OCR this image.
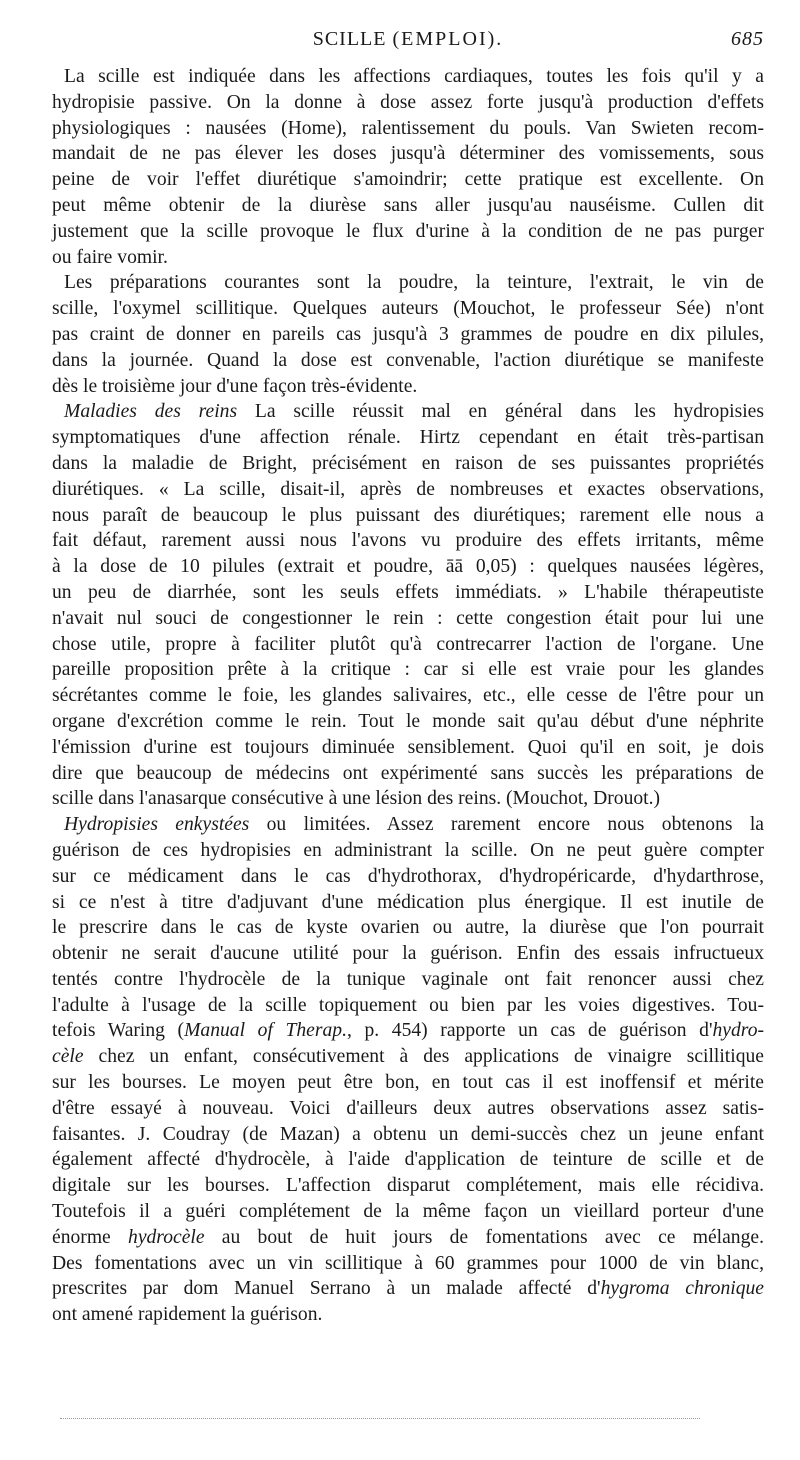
SCILLE (EMPLOI).	685
La scille est indiquée dans les affections cardiaques, toutes les fois qu'il y a
hydropisie passive. On la donne à dose assez forte jusqu'à production d'effets
physiologiques : nausées (Home), ralentissement du pouls. Van Swieten recom-
mandait de ne pas élever les doses jusqu'à déterminer des vomissements, sous
peine de voir l'effet diurétique s'amoindrir; cette pratique est excellente. On
peut même obtenir de la diurèse sans aller jusqu'au nauséisme. Cullen dit
justement que la scille provoque le flux d'urine à la condition de ne pas purger
ou faire vomir.
Les préparations courantes sont la poudre, la teinture, l'extrait, le vin de
scille, l'oxymel scillitique. Quelques auteurs (Mouchot, le professeur Sée) n'ont
pas craint de donner en pareils cas jusqu'à 3 grammes de poudre en dix pilules,
dans la journée. Quand la dose est convenable, l'action diurétique se manifeste
dès le troisième jour d'une façon très-évidente.
Maladies des reins La scille réussit mal en général dans les hydropisies
symptomatiques d'une affection rénale. Hirtz cependant en était très-partisan
dans la maladie de Bright, précisément en raison de ses puissantes propriétés
diurétiques. « La scille, disait-il, après de nombreuses et exactes observations,
nous paraît de beaucoup le plus puissant des diurétiques; rarement elle nous a
fait défaut, rarement aussi nous l'avons vu produire des effets irritants, même
à la dose de 10 pilules (extrait et poudre, āā 0,05) : quelques nausées légères,
un peu de diarrhée, sont les seuls effets immédiats. » L'habile thérapeutiste
n'avait nul souci de congestionner le rein : cette congestion était pour lui une
chose utile, propre à faciliter plutôt qu'à contrecarrer l'action de l'organe. Une
pareille proposition prête à la critique : car si elle est vraie pour les glandes
sécrétantes comme le foie, les glandes salivaires, etc., elle cesse de l'être pour un
organe d'excrétion comme le rein. Tout le monde sait qu'au début d'une néphrite
l'émission d'urine est toujours diminuée sensiblement. Quoi qu'il en soit, je dois
dire que beaucoup de médecins ont expérimenté sans succès les préparations de
scille dans l'anasarque consécutive à une lésion des reins. (Mouchot, Drouot.)
Hydropisies enkystées ou limitées. Assez rarement encore nous obtenons la
guérison de ces hydropisies en administrant la scille. On ne peut guère compter
sur ce médicament dans le cas d'hydrothorax, d'hydropéricarde, d'hydarthrose,
si ce n'est à titre d'adjuvant d'une médication plus énergique. Il est inutile de
le prescrire dans le cas de kyste ovarien ou autre, la diurèse que l'on pourrait
obtenir ne serait d'aucune utilité pour la guérison. Enfin des essais infructueux
tentés contre l'hydrocèle de la tunique vaginale ont fait renoncer aussi chez
l'adulte à l'usage de la scille topiquement ou bien par les voies digestives. Tou-
tefois Waring (Manual of Therap., p. 454) rapporte un cas de guérison d'hydro-
cèle chez un enfant, consécutivement à des applications de vinaigre scillitique
sur les bourses. Le moyen peut être bon, en tout cas il est inoffensif et mérite
d'être essayé à nouveau. Voici d'ailleurs deux autres observations assez satis-
faisantes. J. Coudray (de Mazan) a obtenu un demi-succès chez un jeune enfant
également affecté d'hydrocèle, à l'aide d'application de teinture de scille et de
digitale sur les bourses. L'affection disparut complétement, mais elle récidiva.
Toutefois il a guéri complétement de la même façon un vieillard porteur d'une
énorme hydrocèle au bout de huit jours de fomentations avec ce mélange.
Des fomentations avec un vin scillitique à 60 grammes pour 1000 de vin blanc,
prescrites par dom Manuel Serrano à un malade affecté d'hygroma chronique
ont amené rapidement la guérison.
